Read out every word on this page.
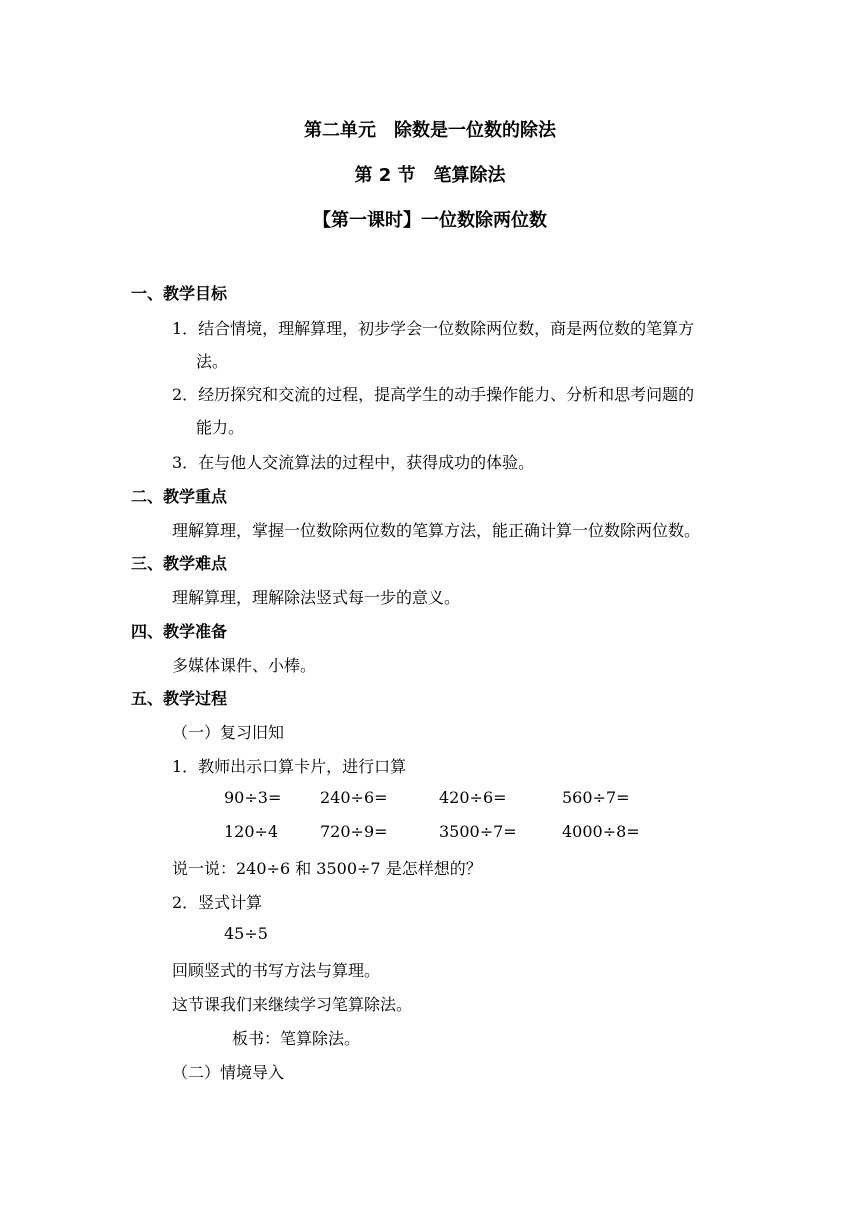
第二单元　除数是一位数的除法
第 2 节　笔算除法
【第一课时】一位数除两位数
一、教学目标
1．结合情境，理解算理，初步学会一位数除两位数，商是两位数的笔算方
法。
2．经历探究和交流的过程，提高学生的动手操作能力、分析和思考问题的
能力。
3．在与他人交流算法的过程中，获得成功的体验。
二、教学重点
理解算理，掌握一位数除两位数的笔算方法，能正确计算一位数除两位数。
三、教学难点
理解算理，理解除法竖式每一步的意义。
四、教学准备
多媒体课件、小棒。
五、教学过程
（一）复习旧知
1．教师出示口算卡片，进行口算
90÷3= 240÷6=	420÷6=	560÷7=
120÷4	720÷9=	3500÷7=	4000÷8=
说一说：240÷6 和 3500÷7 是怎样想的？
2．竖式计算
45÷5
回顾竖式的书写方法与算理。
这节课我们来继续学习笔算除法。
板书：笔算除法。
（二）情境导入
